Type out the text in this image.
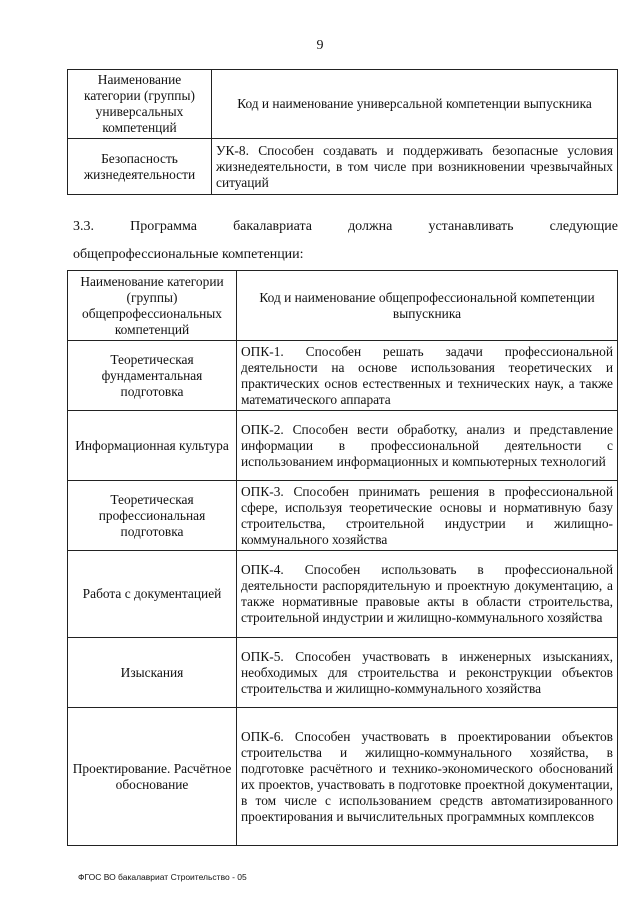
9
Наименование категории (группы) универсальных компетенций	Код и наименование универсальной компетенции выпускника
Безопасность жизнедеятельности	УК-8. Способен создавать и поддерживать безопасные условия жизнедеятельности, в том числе при возникновении чрезвычайных ситуаций
3.3.	Программа	бакалавриата	должна	устанавливать	следующие
общепрофессиональные компетенции:
Наименование категории (группы) общепрофессиональных компетенций	Код и наименование общепрофессиональной компетенции выпускника
Теоретическая фундаментальная подготовка	ОПК-1. Способен решать задачи профессиональной деятельности на основе использования теоретических и практических основ естественных и технических наук, а также математического аппарата
Информационная культура	ОПК-2. Способен вести обработку, анализ и представление информации в профессиональной деятельности с использованием информационных и компьютерных технологий
Теоретическая профессиональная подготовка	ОПК-3. Способен принимать решения в профессиональной сфере, используя теоретические основы и нормативную базу строительства, строительной индустрии и жилищно-коммунального хозяйства
Работа с документацией	ОПК-4. Способен использовать в профессиональной деятельности распорядительную и проектную документацию, а также нормативные правовые акты в области строительства, строительной индустрии и жилищно-коммунального хозяйства
Изыскания	ОПК-5. Способен участвовать в инженерных изысканиях, необходимых для строительства и реконструкции объектов строительства и жилищно-коммунального хозяйства
Проектирование. Расчётное обоснование	ОПК-6. Способен участвовать в проектировании объектов строительства и жилищно-коммунального хозяйства, в подготовке расчётного и технико-экономического обоснований их проектов, участвовать в подготовке проектной документации, в том числе с использованием средств автоматизированного проектирования и вычислительных программных комплексов
ФГОС ВО бакалавриат Строительство - 05
